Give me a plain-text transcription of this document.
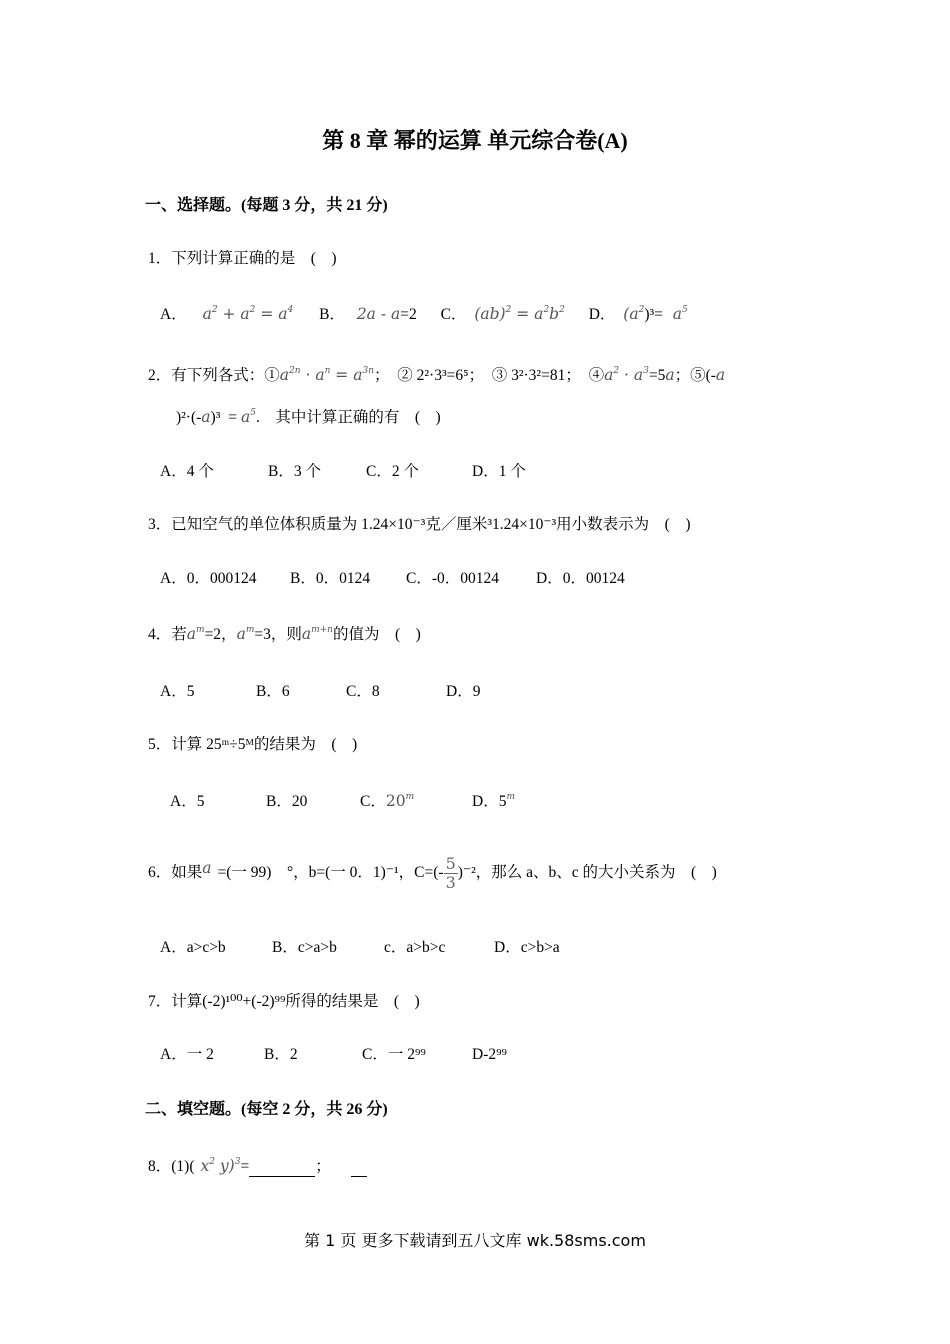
第 8 章 幂的运算 单元综合卷(A)
一、选择题。(每题 3 分，共 21 分)
1．下列计算正确的是　(　)
A． $a^2 + a^2 = a^4$ B． 2a - a=2 C． $(ab)^2 = a^2b^2$ D． $(a^2)^3= a^5$
2．有下列各式：$①a^{2n} \cdot a^n = a^{3n}$；　② 2²·3³=6⁵；　③ 3²·3²=81；　$④a^2 \cdot a^3=5a$；⑤(-a
)$^2\cdot(-a)^3 = a^5$.　其中计算正确的有　(　)
A．4 个	B．3 个	C．2 个	D．1 个
3．已知空气的单位体积质量为 1.24×10⁻³克／厘米³1.24×10⁻³用小数表示为　(　)
A．0．000124 B．0．0124 C．-0．00124 D．0．00124
4．若$a^m=2$，$a^m=3$，则$a^{m+n}$的值为　(　)
A．5	B．6	C．8	D．9
5．计算 25ᵐ÷5ᴹ的结果为　(　)
A．5	B．20	C．20$^m$	D．5$^m$
6．如果a =(一 99)　°，b=(一 0．1)⁻¹，$C=(- \frac{5}{3} )^{-2}$，那么 a、b、c 的大小关系为　(　)
A．a>c>b	B．c>a>b	c．a>b>c	D．c>b>a
7．计算(-2)¹⁰⁰+(-2)⁹⁹所得的结果是　(　)
A．一 2	B．2	C．一 2⁹⁹	D-2⁹⁹
二、填空题。(每空 2 分，共 26 分)
8．(1)( $x^2$ y)$^3$=	；
第 1 页 更多下载请到五八文库 wk.58sms.com
